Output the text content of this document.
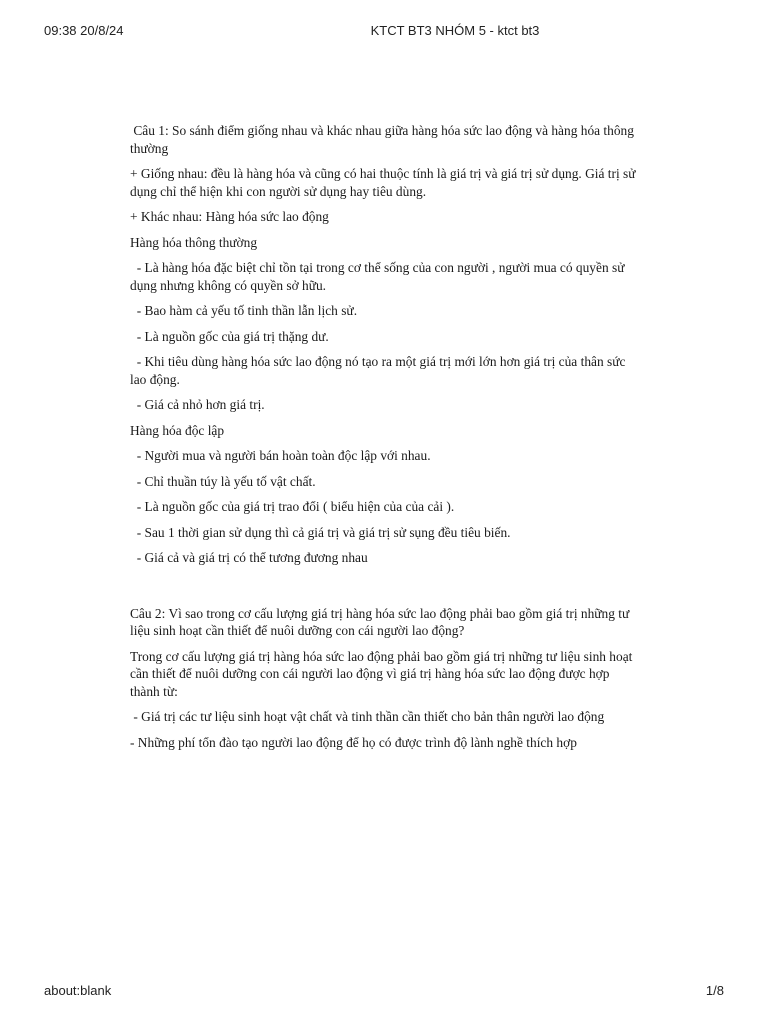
09:38 20/8/24	KTCT BT3 NHÓM 5 - ktct bt3

Câu 1: So sánh điểm giống nhau và khác nhau giữa hàng hóa sức lao động và hàng hóa thông thường

+ Giống nhau: đều là hàng hóa và cũng có hai thuộc tính là giá trị và giá trị sử dụng. Giá trị sử dụng chỉ thể hiện khi con người sử dụng hay tiêu dùng.

+ Khác nhau: Hàng hóa sức lao động

Hàng hóa thông thường

- Là hàng hóa đặc biệt chỉ tồn tại trong cơ thể sống của con người , người mua có quyền sử dụng nhưng không có quyền sở hữu.

- Bao hàm cả yếu tố tinh thần lẫn lịch sử.

- Là nguồn gốc của giá trị thặng dư.

- Khi tiêu dùng hàng hóa sức lao động nó tạo ra một giá trị mới lớn hơn giá trị của thân sức lao động.

- Giá cả nhỏ hơn giá trị.

Hàng hóa độc lập

- Người mua và người bán hoàn toàn độc lập với nhau.

- Chỉ thuần túy là yếu tố vật chất.

- Là nguồn gốc của giá trị trao đổi ( biểu hiện của của cải ).

- Sau 1 thời gian sử dụng thì cả giá trị và giá trị sử sụng đều tiêu biến.

- Giá cả và giá trị có thể tương đương nhau

Câu 2: Vì sao trong cơ cấu lượng giá trị hàng hóa sức lao động phải bao gồm giá trị những tư liệu sinh hoạt cần thiết để nuôi dưỡng con cái người lao động?

Trong cơ cấu lượng giá trị hàng hóa sức lao động phải bao gồm giá trị những tư liệu sinh hoạt cần thiết để nuôi dưỡng con cái người lao động vì giá trị hàng hóa sức lao động được hợp thành từ:

- Giá trị các tư liệu sinh hoạt vật chất và tinh thần cần thiết cho bản thân người lao động

- Những phí tổn đào tạo người lao động để họ có được trình độ lành nghề thích hợp

about:blank	1/8
